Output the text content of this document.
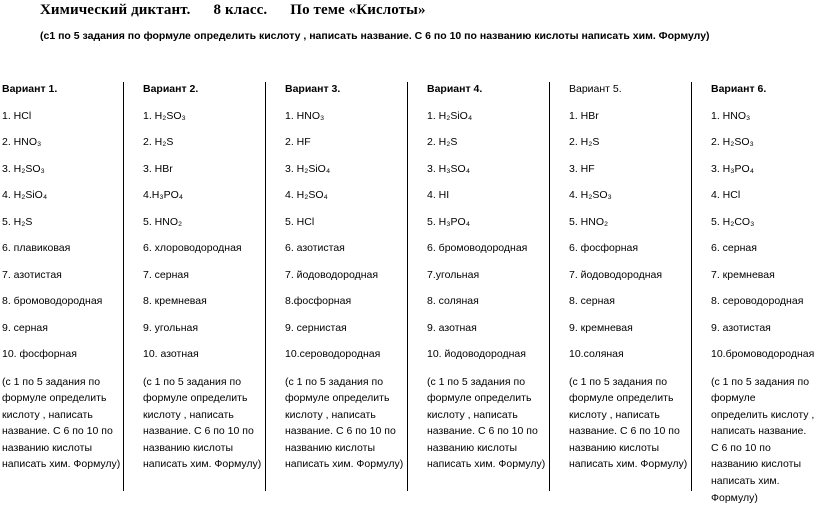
Химический диктант.      8 класс.      По теме «Кислоты»
(с1 по 5 задания по формуле определить кислоту , написать название. С 6 по 10 по названию кислоты написать хим. Формулу)
Вариант 1.
1. HCl
2. HNO₃
3. H₂SO₃
4. H₂SiO₄
5. H₂S
6. плавиковая
7. азотистая
8. бромоводородная
9. серная
10. фосфорная
(с 1 по 5 задания по формуле определить кислоту , написать название. С 6 по 10 по названию кислоты написать хим. Формулу)
Вариант 2.
1. H₂SO₃
2. H₂S
3. HBr
4.H₃PO₄
5. HNO₂
6. хлороводородная
7. серная
8. кремневая
9. угольная
10. азотная
(с 1 по 5 задания по формуле определить кислоту , написать название. С 6 по 10 по названию кислоты написать хим. Формулу)
Вариант 3.
1. HNO₃
2. HF
3. H₂SiO₄
4. H₂SO₄
5. HCl
6. азотистая
7. йодоводородная
8.фосфорная
9. сернистая
10.сероводородная
(с 1 по 5 задания по формуле определить кислоту , написать название. С 6 по 10 по названию кислоты написать хим. Формулу)
Вариант 4.
1. H₂SiO₄
2. H₂S
3. H₃SO₄
4. HI
5. H₃PO₄
6. бромоводородная
7.угольная
8. соляная
9. азотная
10. йодоводородная
(с 1 по 5 задания по формуле определить кислоту , написать название. С 6 по 10 по названию кислоты написать хим. Формулу)
Вариант 5.
1. HBr
2. H₂S
3. HF
4. H₂SO₃
5. HNO₂
6. фосфорная
7. йодоводородная
8. серная
9. кремневая
10.соляная
(с 1 по 5 задания по формуле определить кислоту , написать название. С 6 по 10 по названию кислоты написать хим. Формулу)
Вариант 6.
1. HNO₃
2. H₂SO₃
3. H₃PO₄
4. HCl
5. H₂CO₃
6. серная
7. кремневая
8. сероводородная
9. азотистая
10.бромоводородная
(с 1 по 5 задания по формуле определить кислоту , написать название. С 6 по 10 по названию кислоты написать хим. Формулу)
